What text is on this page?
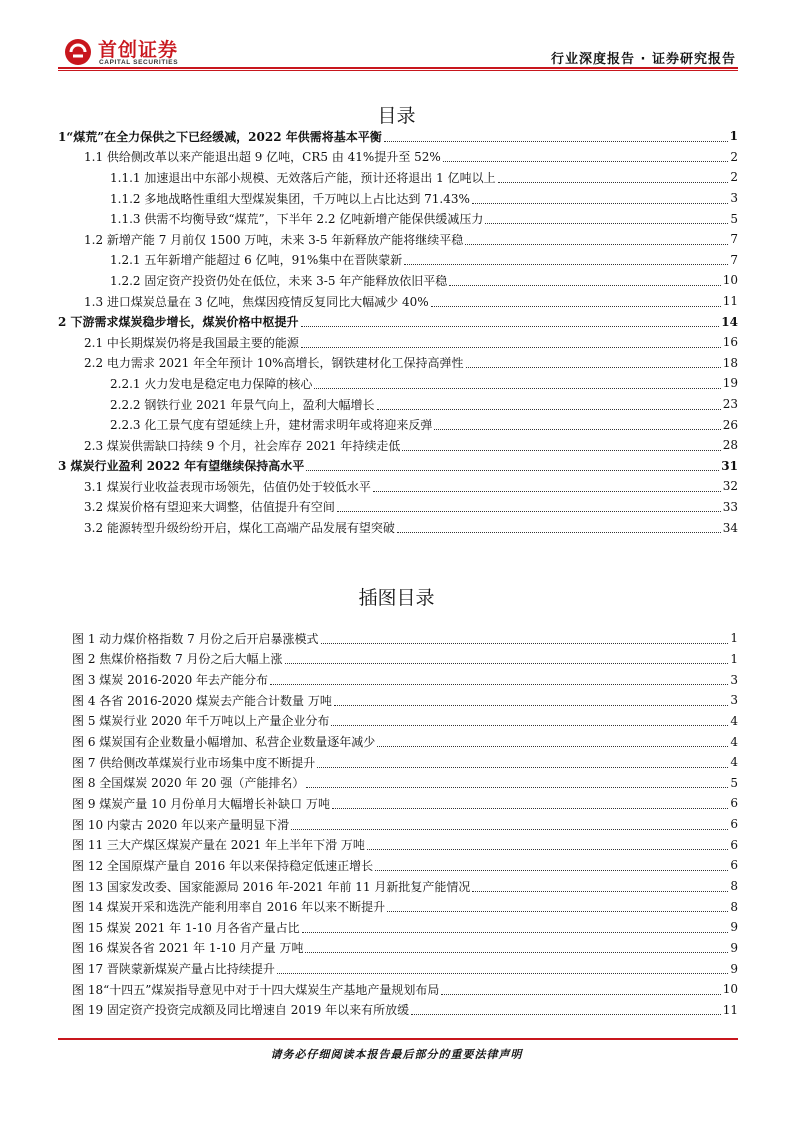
首创证券
CAPITAL SECURITIES	行业深度报告 · 证券研究报告
目录
1“煤荒”在全力保供之下已经缓减，2022 年供需将基本平衡	1
1.1 供给侧改革以来产能退出超 9 亿吨，CR5 由 41%提升至 52%	2
1.1.1 加速退出中东部小规模、无效落后产能，预计还将退出 1 亿吨以上	2
1.1.2 多地战略性重组大型煤炭集团，千万吨以上占比达到 71.43%	3
1.1.3 供需不均衡导致“煤荒”，下半年 2.2 亿吨新增产能保供缓减压力	5
1.2 新增产能 7 月前仅 1500 万吨，未来 3-5 年新释放产能将继续平稳	7
1.2.1 五年新增产能超过 6 亿吨，91%集中在晋陕蒙新	7
1.2.2 固定资产投资仍处在低位，未来 3-5 年产能释放依旧平稳	10
1.3 进口煤炭总量在 3 亿吨，焦煤因疫情反复同比大幅减少 40%	11
2 下游需求煤炭稳步增长，煤炭价格中枢提升	14
2.1 中长期煤炭仍将是我国最主要的能源	16
2.2 电力需求 2021 年全年预计 10%高增长，钢铁建材化工保持高弹性	18
2.2.1 火力发电是稳定电力保障的核心	19
2.2.2 钢铁行业 2021 年景气向上，盈利大幅增长	23
2.2.3 化工景气度有望延续上升，建材需求明年或将迎来反弹	26
2.3 煤炭供需缺口持续 9 个月，社会库存 2021 年持续走低	28
3 煤炭行业盈利 2022 年有望继续保持高水平	31
3.1 煤炭行业收益表现市场领先，估值仍处于较低水平	32
3.2 煤炭价格有望迎来大调整，估值提升有空间	33
3.2 能源转型升级纷纷开启，煤化工高端产品发展有望突破	34
插图目录
图 1 动力煤价格指数 7 月份之后开启暴涨模式	1
图 2 焦煤价格指数 7 月份之后大幅上涨	1
图 3 煤炭 2016-2020 年去产能分布	3
图 4 各省 2016-2020 煤炭去产能合计数量 万吨	3
图 5 煤炭行业 2020 年千万吨以上产量企业分布	4
图 6 煤炭国有企业数量小幅增加、私营企业数量逐年减少	4
图 7 供给侧改革煤炭行业市场集中度不断提升	4
图 8 全国煤炭 2020 年 20 强（产能排名）	5
图 9 煤炭产量 10 月份单月大幅增长补缺口 万吨	6
图 10 内蒙古 2020 年以来产量明显下滑	6
图 11 三大产煤区煤炭产量在 2021 年上半年下滑 万吨	6
图 12 全国原煤产量自 2016 年以来保持稳定低速正增长	6
图 13 国家发改委、国家能源局 2016 年-2021 年前 11 月新批复产能情况	8
图 14 煤炭开采和选洗产能利用率自 2016 年以来不断提升	8
图 15 煤炭 2021 年 1-10 月各省产量占比	9
图 16 煤炭各省 2021 年 1-10 月产量 万吨	9
图 17 晋陕蒙新煤炭产量占比持续提升	9
图 18“十四五”煤炭指导意见中对于十四大煤炭生产基地产量规划布局	10
图 19 固定资产投资完成额及同比增速自 2019 年以来有所放缓	11
请务必仔细阅读本报告最后部分的重要法律声明
